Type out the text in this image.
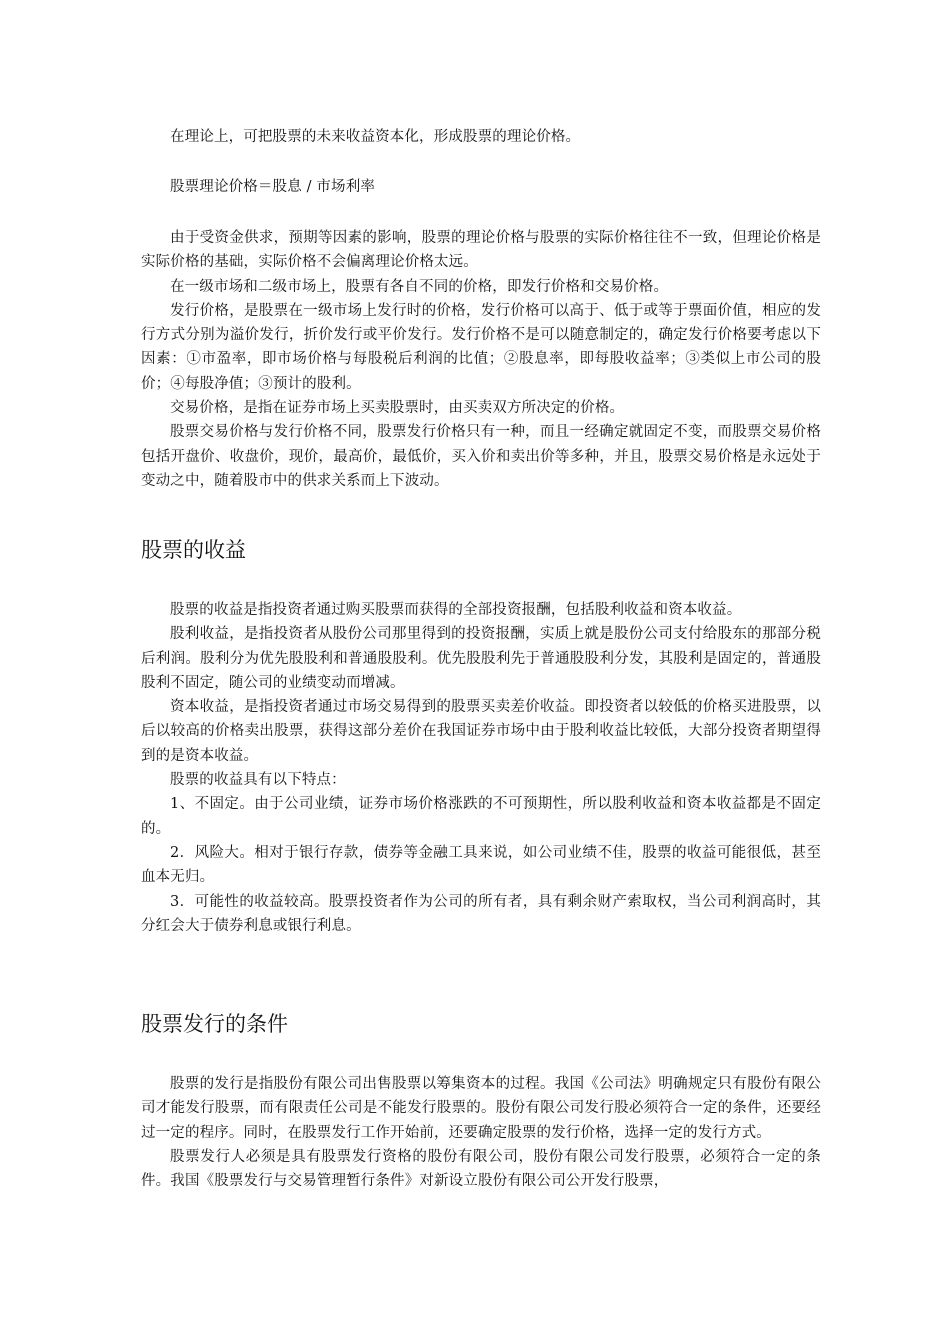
在理论上，可把股票的未来收益资本化，形成股票的理论价格。

股票理论价格＝股息 / 市场利率

由于受资金供求，预期等因素的影响，股票的理论价格与股票的实际价格往往不一致，但理论价格是实际价格的基础，实际价格不会偏离理论价格太远。

在一级市场和二级市场上，股票有各自不同的价格，即发行价格和交易价格。

发行价格，是股票在一级市场上发行时的价格，发行价格可以高于、低于或等于票面价值，相应的发行方式分别为溢价发行，折价发行或平价发行。发行价格不是可以随意制定的，确定发行价格要考虑以下因素：①市盈率，即市场价格与每股税后利润的比值；②股息率，即每股收益率；③类似上市公司的股价；④每股净值；③预计的股利。

交易价格，是指在证券市场上买卖股票时，由买卖双方所决定的价格。

股票交易价格与发行价格不同，股票发行价格只有一种，而且一经确定就固定不变，而股票交易价格包括开盘价、收盘价，现价，最高价，最低价，买入价和卖出价等多种，并且，股票交易价格是永远处于变动之中，随着股市中的供求关系而上下波动。

股票的收益

股票的收益是指投资者通过购买股票而获得的全部投资报酬，包括股利收益和资本收益。

股利收益，是指投资者从股份公司那里得到的投资报酬，实质上就是股份公司支付给股东的那部分税后利润。股利分为优先股股利和普通股股利。优先股股利先于普通股股利分发，其股利是固定的，普通股股利不固定，随公司的业绩变动而增减。

资本收益，是指投资者通过市场交易得到的股票买卖差价收益。即投资者以较低的价格买进股票，以后以较高的价格卖出股票，获得这部分差价在我国证券市场中由于股利收益比较低，大部分投资者期望得到的是资本收益。

股票的收益具有以下特点：

1、不固定。由于公司业绩，证券市场价格涨跌的不可预期性，所以股利收益和资本收益都是不固定的。

2．风险大。相对于银行存款，债券等金融工具来说，如公司业绩不佳，股票的收益可能很低，甚至血本无归。

3．可能性的收益较高。股票投资者作为公司的所有者，具有剩余财产索取权，当公司利润高时，其分红会大于债券利息或银行利息。

股票发行的条件

股票的发行是指股份有限公司出售股票以筹集资本的过程。我国《公司法》明确规定只有股份有限公司才能发行股票，而有限责任公司是不能发行股票的。股份有限公司发行股必须符合一定的条件，还要经过一定的程序。同时，在股票发行工作开始前，还要确定股票的发行价格，选择一定的发行方式。

股票发行人必须是具有股票发行资格的股份有限公司，股份有限公司发行股票，必须符合一定的条件。我国《股票发行与交易管理暂行条件》对新设立股份有限公司公开发行股票，
